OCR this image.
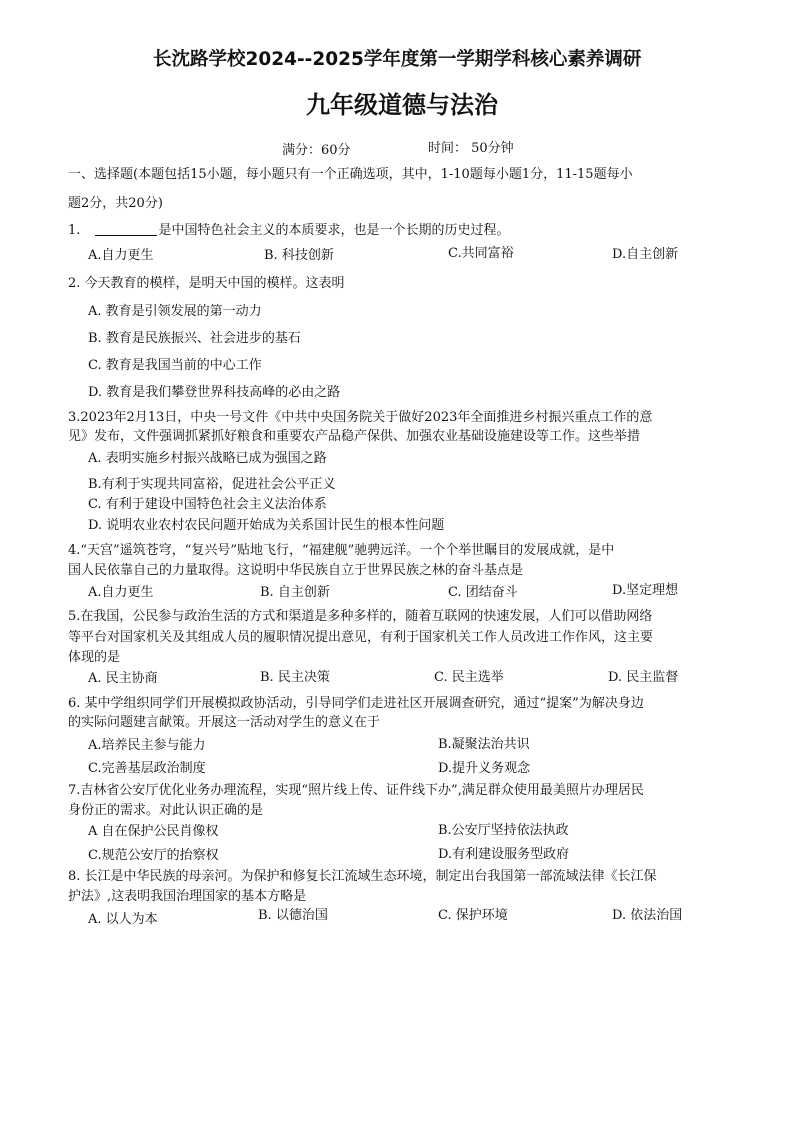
长沈路学校2024--2025学年度第一学期学科核心素养调研
九年级道德与法治
满分：60分	时间： 50分钟
一、选择题(本题包括15小题，每小题只有一个正确选项，其中，1-10题每小题1分，11-15题每小
题2分，共20分)
1.	是中国特色社会主义的本质要求，也是一个长期的历史过程。
A.自力更生	B. 科技创新	C.共同富裕	D.自主创新
2. 今天教育的模样，是明天中国的模样。这表明
A. 教育是引领发展的第一动力
B. 教育是民族振兴、社会进步的基石
C. 教育是我国当前的中心工作
D. 教育是我们攀登世界科技高峰的必由之路
3.2023年2月13日，中央一号文件《中共中央国务院关于做好2023年全面推进乡村振兴重点工作的意
见》发布，文件强调抓紧抓好粮食和重要农产品稳产保供、加强农业基础设施建设等工作。这些举措
A. 表明实施乡村振兴战略已成为强国之路
B.有利于实现共同富裕，促进社会公平正义
C. 有利于建设中国特色社会主义法治体系
D. 说明农业农村农民问题开始成为关系国计民生的根本性问题
4.“天宫”遥筑苍穹，“复兴号”贴地飞行，“福建舰”驰骋远洋。一个个举世瞩目的发展成就，是中
国人民依靠自己的力量取得。这说明中华民族自立于世界民族之林的奋斗基点是
A.自力更生	B. 自主创新	C. 团结奋斗	D.坚定理想
5.在我国，公民参与政治生活的方式和渠道是多种多样的，随着互联网的快速发展，人们可以借助网络
等平台对国家机关及其组成人员的履职情况提出意见，有利于国家机关工作人员改进工作作风，这主要
体现的是
A. 民主协商	B. 民主决策	C. 民主选举	D. 民主监督
6. 某中学组织同学们开展模拟政协活动，引导同学们走进社区开展调查研究，通过“提案”为解决身边
的实际问题建言献策。开展这一活动对学生的意义在于
A.培养民主参与能力	B.凝聚法治共识
C.完善基层政治制度	D.提升义务观念
7.吉林省公安厅优化业务办理流程，实现“照片线上传、证件线下办”,满足群众使用最美照片办理居民
身份正的需求。对此认识正确的是
A 自在保护公民肖像权	B.公安厅坚持依法执政
C.规范公安厅的抬察权	D.有利建设服务型政府
8. 长江是中华民族的母亲河。为保护和修复长江流域生态环境，制定出台我国第一部流域法律《长江保
护法》,这表明我国治理国家的基本方略是
A. 以人为本	B. 以德治国	C. 保护环境	D. 依法治国
